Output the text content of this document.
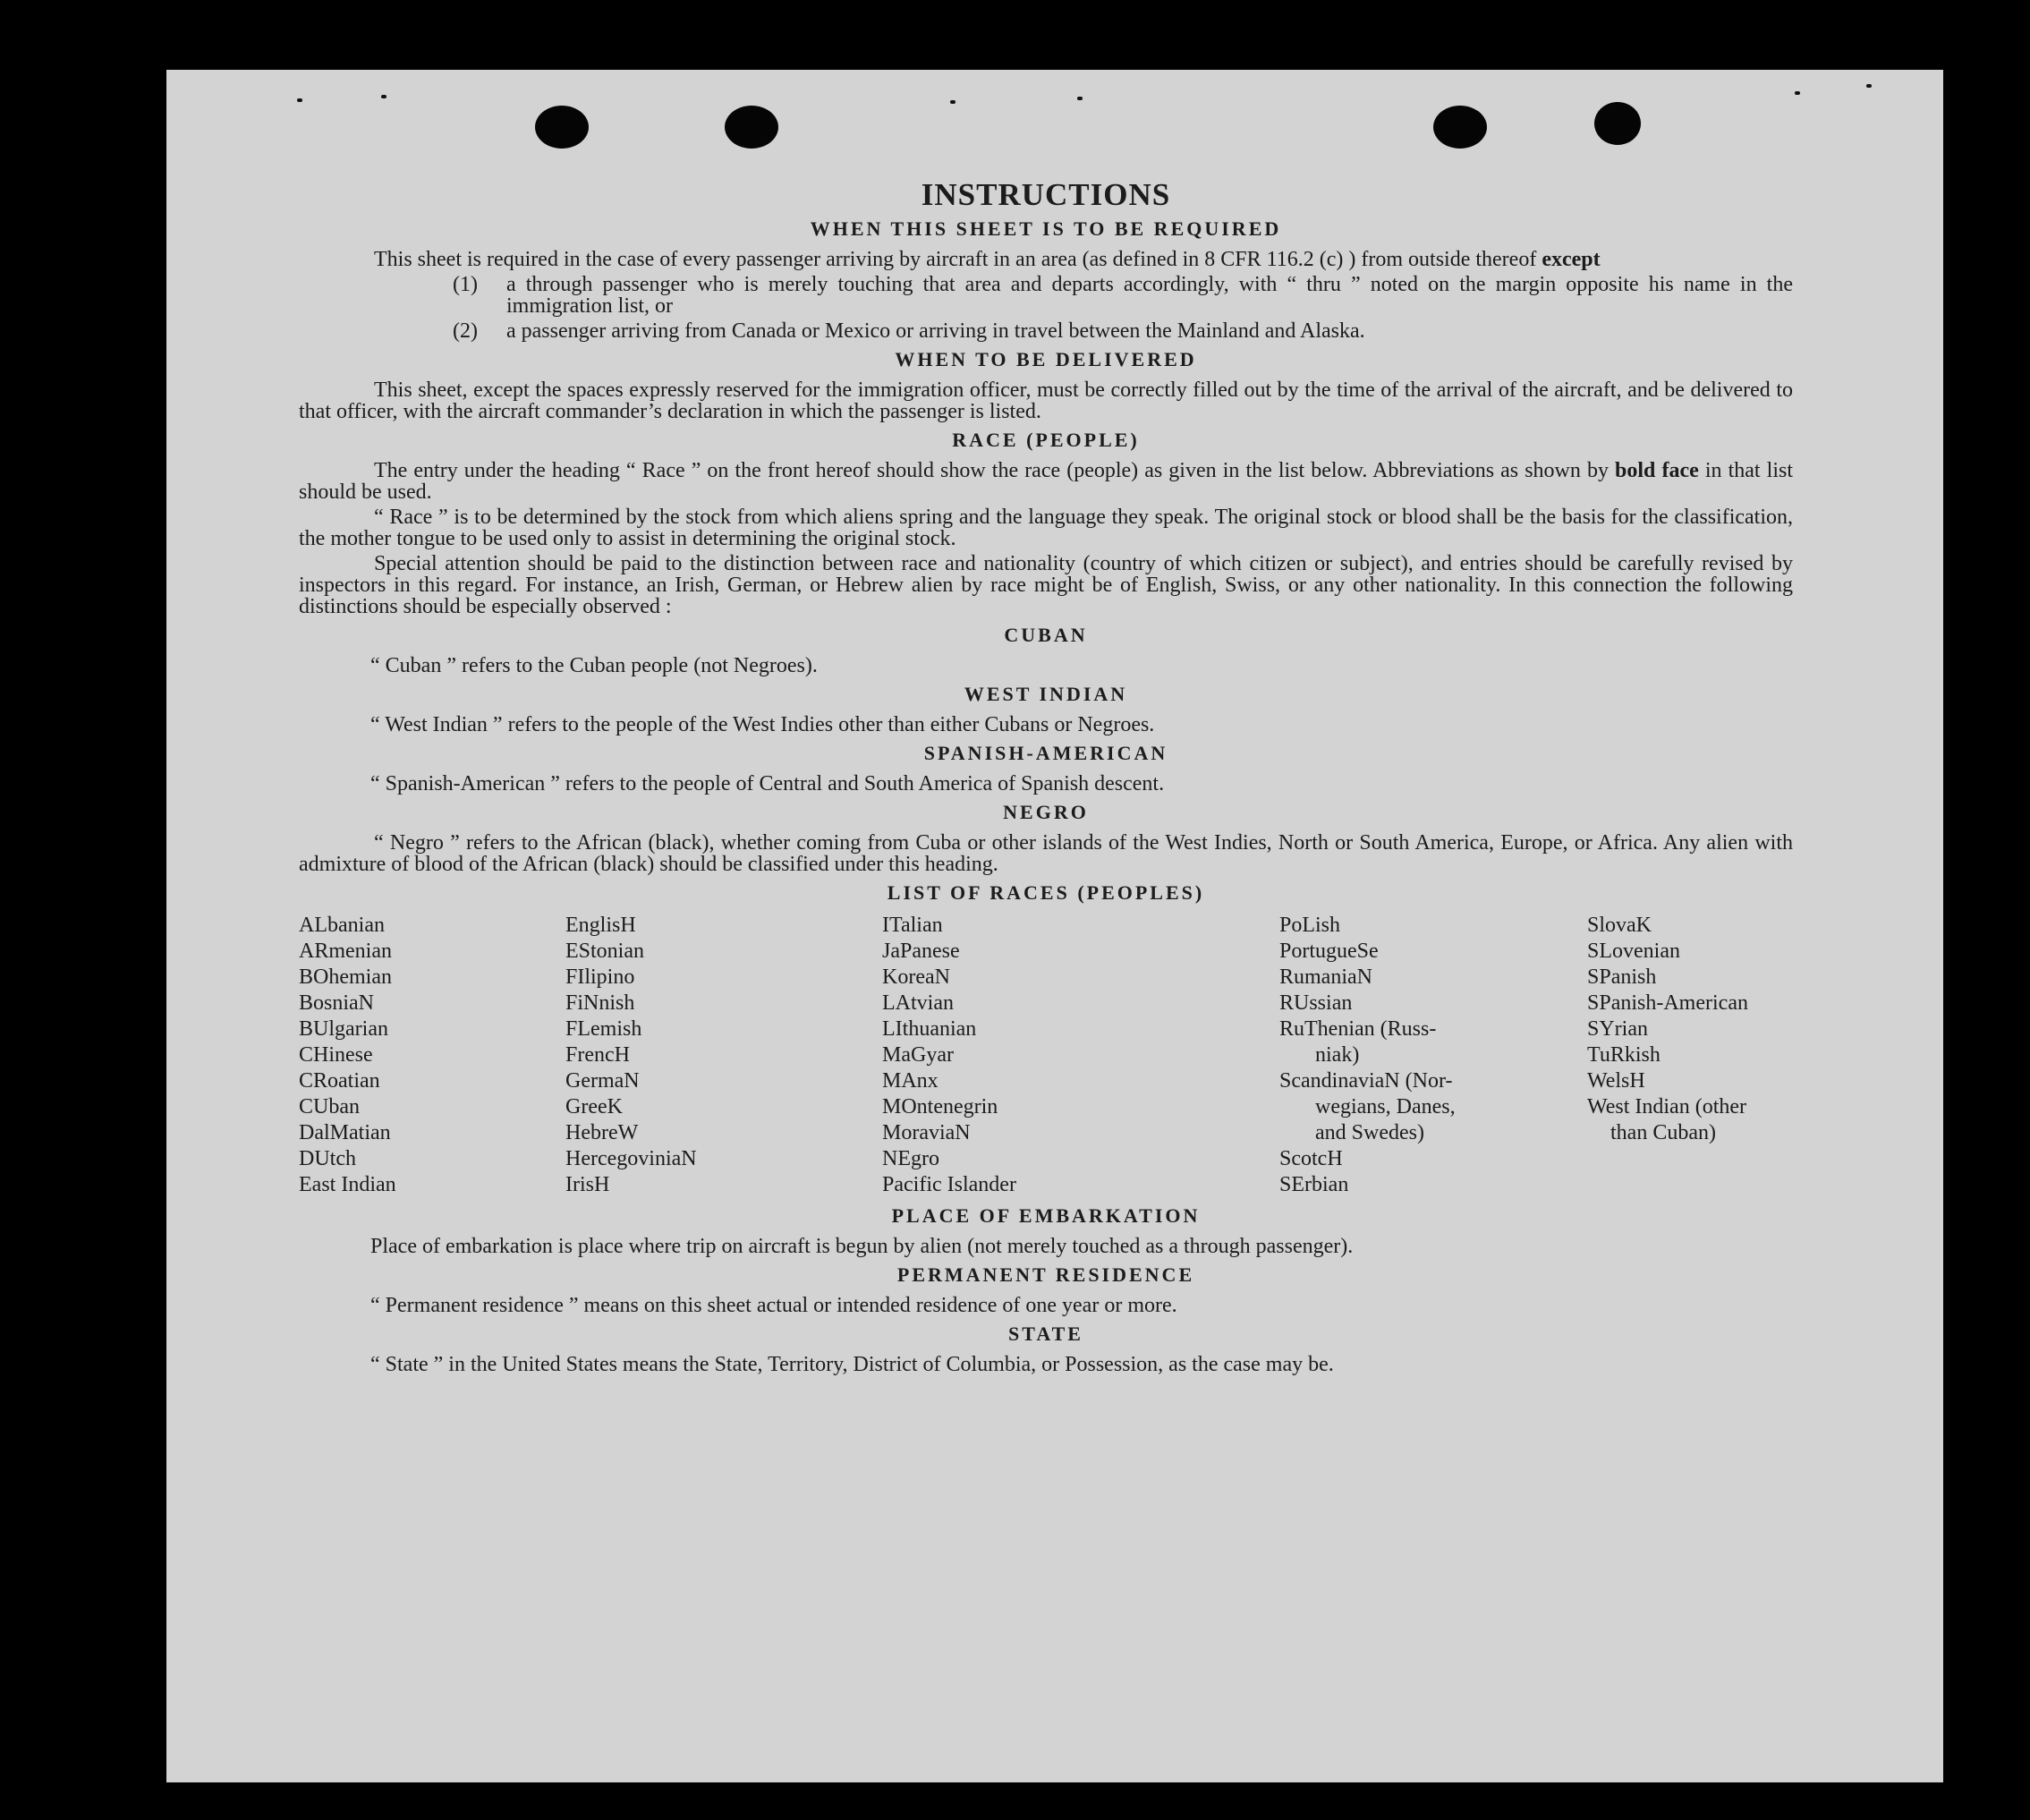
INSTRUCTIONS
WHEN THIS SHEET IS TO BE REQUIRED
This sheet is required in the case of every passenger arriving by aircraft in an area (as defined in 8 CFR 116.2 (c) ) from outside thereof except
(1)	a through passenger who is merely touching that area and departs accordingly, with “ thru ” noted on the margin opposite his name in the immigration list, or
(2)	a passenger arriving from Canada or Mexico or arriving in travel between the Mainland and Alaska.
WHEN TO BE DELIVERED
This sheet, except the spaces expressly reserved for the immigration officer, must be correctly filled out by the time of the arrival of the aircraft, and be delivered to that officer, with the aircraft commander’s declaration in which the passenger is listed.
RACE (PEOPLE)
The entry under the heading “ Race ” on the front hereof should show the race (people) as given in the list below. Abbreviations as shown by bold face in that list should be used.
“ Race ” is to be determined by the stock from which aliens spring and the language they speak. The original stock or blood shall be the basis for the classification, the mother tongue to be used only to assist in determining the original stock.
Special attention should be paid to the distinction between race and nationality (country of which citizen or subject), and entries should be carefully revised by inspectors in this regard. For instance, an Irish, German, or Hebrew alien by race might be of English, Swiss, or any other nationality. In this connection the following distinctions should be especially observed :
CUBAN
“ Cuban ” refers to the Cuban people (not Negroes).
WEST INDIAN
“ West Indian ” refers to the people of the West Indies other than either Cubans or Negroes.
SPANISH-AMERICAN
“ Spanish-American ” refers to the people of Central and South America of Spanish descent.
NEGRO
“ Negro ” refers to the African (black), whether coming from Cuba or other islands of the West Indies, North or South America, Europe, or Africa. Any alien with admixture of blood of the African (black) should be classified under this heading.
LIST OF RACES (PEOPLES)
ALbanian
ARmenian
BOhemian
BosniaN
BUlgarian
CHinese
CRoatian
CUban
DalMatian
DUtch
East Indian
EnglisH
EStonian
FIlipino
FiNnish
FLemish
FrencH
GermaN
GreeK
HebreW
HercegoviniaN
IrisH
ITalian
JaPanese
KoreaN
LAtvian
LIthuanian
MaGyar
MAnx
MOntenegrin
MoraviaN
NEgro
Pacific Islander
PoLish
PortugueSe
RumaniaN
RUssian
RuThenian (Russ-
niak)
ScandinaviaN (Nor-
wegians, Danes,
and Swedes)
ScotcH
SErbian
SlovaK
SLovenian
SPanish
SPanish-American
SYrian
TuRkish
WelsH
West Indian (other
than Cuban)
PLACE OF EMBARKATION
Place of embarkation is place where trip on aircraft is begun by alien (not merely touched as a through passenger).
PERMANENT RESIDENCE
“ Permanent residence ” means on this sheet actual or intended residence of one year or more.
STATE
“ State ” in the United States means the State, Territory, District of Columbia, or Possession, as the case may be.
